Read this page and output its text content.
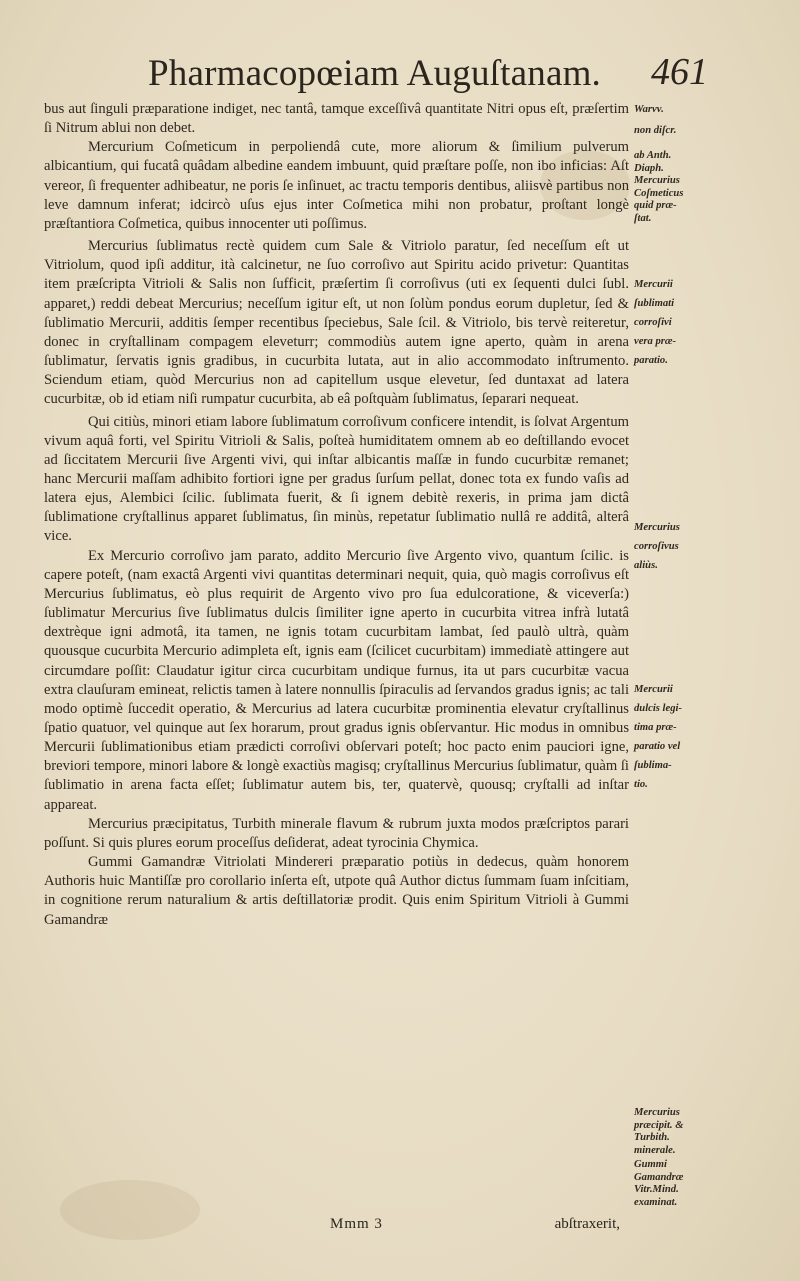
Pharmacopœiam Auguſtanam. 461

bus aut ſinguli præparatione indiget, nec tantâ, tamque exceſſivâ quantitate Nitri opus eſt, præſertim ſi Nitrum ablui non debet.

Mercurium Coſmeticum in perpoliendâ cute, more aliorum & ſimilium pulverum albicantium, qui fucatâ quâdam albedine eandem imbuunt, quid præſtare poſſe, non ibo inficias: Aſt vereor, ſi frequenter adhibeatur, ne poris ſe inſinuet, ac tractu temporis dentibus, aliisvè partibus non leve damnum inferat; idcircò uſus ejus inter Coſmetica mihi non probatur, proſtant longè præſtantiora Coſmetica, quibus innocenter uti poſſimus.

Mercurius ſublimatus rectè quidem cum Sale & Vitriolo paratur, ſed neceſſum eſt ut Vitriolum, quod ipſi additur, ità calcinetur, ne ſuo corroſivo aut Spiritu acido privetur: Quantitas item præſcripta Vitrioli & Salis non ſufficit, præſertim ſi corroſivus (uti ex ſequenti dulci ſubl. apparet,) reddi debeat Mercurius; neceſſum igitur eſt, ut non ſolùm pondus eorum dupletur, ſed & ſublimatio Mercurii, additis ſemper recentibus ſpeciebus, Sale ſcil. & Vitriolo, bis tervè reiteretur, donec in cryſtallinam compagem eleveturr; commodiùs autem igne aperto, quàm in arena ſublimatur, ſervatis ignis gradibus, in cucurbita lutata, aut in alio accommodato inſtrumento. Sciendum etiam, quòd Mercurius non ad capitellum usque elevetur, ſed duntaxat ad latera cucurbitæ, ob id etiam niſi rumpatur cucurbita, ab eâ poſtquàm ſublimatus, ſeparari nequeat.

Qui citiùs, minori etiam labore ſublimatum corroſivum conficere intendit, is ſolvat Argentum vivum aquâ forti, vel Spiritu Vitrioli & Salis, poſteà humiditatem omnem ab eo deſtillando evocet ad ſiccitatem Mercurii ſive Argenti vivi, qui inſtar albicantis maſſæ in fundo cucurbitæ remanet; hanc Mercurii maſſam adhibito fortiori igne per gradus ſurſum pellat, donec tota ex fundo vaſis ad latera ejus, Alembici ſcilic. ſublimata fuerit, & ſi ignem debitè rexeris, in prima jam dictâ ſublimatione cryſtallinus apparet ſublimatus, ſin minùs, repetatur ſublimatio nullâ re additâ, alterâ vice.

Ex Mercurio corroſivo jam parato, addito Mercurio ſive Argento vivo, quantum ſcilic. is capere poteſt, (nam exactâ Argenti vivi quantitas determinari nequit, quia, quò magis corroſivus eſt Mercurius ſublimatus, eò plus requirit de Argento vivo pro ſua edulcoratione, & viceverſa:) ſublimatur Mercurius ſive ſublimatus dulcis ſimiliter igne aperto in cucurbita vitrea infrà lutatâ dextrèque igni admotâ, ita tamen, ne ignis totam cucurbitam lambat, ſed paulò ultrà, quàm quousque cucurbita Mercurio adimpleta eſt, ignis eam (ſcilicet cucurbitam) immediatè attingere aut circumdare poſſit: Claudatur igitur circa cucurbitam undique furnus, ita ut pars cucurbitæ vacua extra clauſuram emineat, relictis tamen à latere nonnullis ſpiraculis ad ſervandos gradus ignis; ac tali modo optimè ſuccedit operatio, & Mercurius ad latera cucurbitæ prominentia elevatur cryſtallinus ſpatio quatuor, vel quinque aut ſex horarum, prout gradus ignis obſervantur. Hic modus in omnibus Mercurii ſublimationibus etiam prædicti corroſivi obſervari poteſt; hoc pacto enim pauciori igne, breviori tempore, minori labore & longè exactiùs magisq; cryſtallinus Mercurius ſublimatur, quàm ſi ſublimatio in arena facta eſſet; ſublimatur autem bis, ter, quatervè, quousq; cryſtalli ad inſtar appareat.

Mercurius præcipitatus, Turbith minerale flavum & rubrum juxta modos præſcriptos parari poſſunt. Si quis plures eorum proceſſus deſiderat, adeat tyrocinia Chymica.

Gummi Gamandræ Vitriolati Mindereri præparatio potiùs in dedecus, quàm honorem Authoris huic Mantiſſæ pro corollario inſerta eſt, utpote quâ Author dictus ſummam ſuam inſcitiam, in cognitione rerum naturalium & artis deſtillatoriæ prodit. Quis enim Spiritum Vitrioli à Gummi Gamandræ

Warvv.
non diſcr.
ab Anth.
Diaph.
Mercurius
Coſmeticus
quid præ-
ſtat.
Mercurii
ſublimati
corroſivi
vera præ-
paratio.
Mercurius
corroſivus
aliùs.
Mercurii
dulcis legi-
tima præ-
paratio vel
ſublima-
tio.
Mercurius
præcipit. &
Turbith.
minerale.
Gummi
Gamandræ
Vitr.Mind.
examinat.
Mmm 3	abſtraxerit,
